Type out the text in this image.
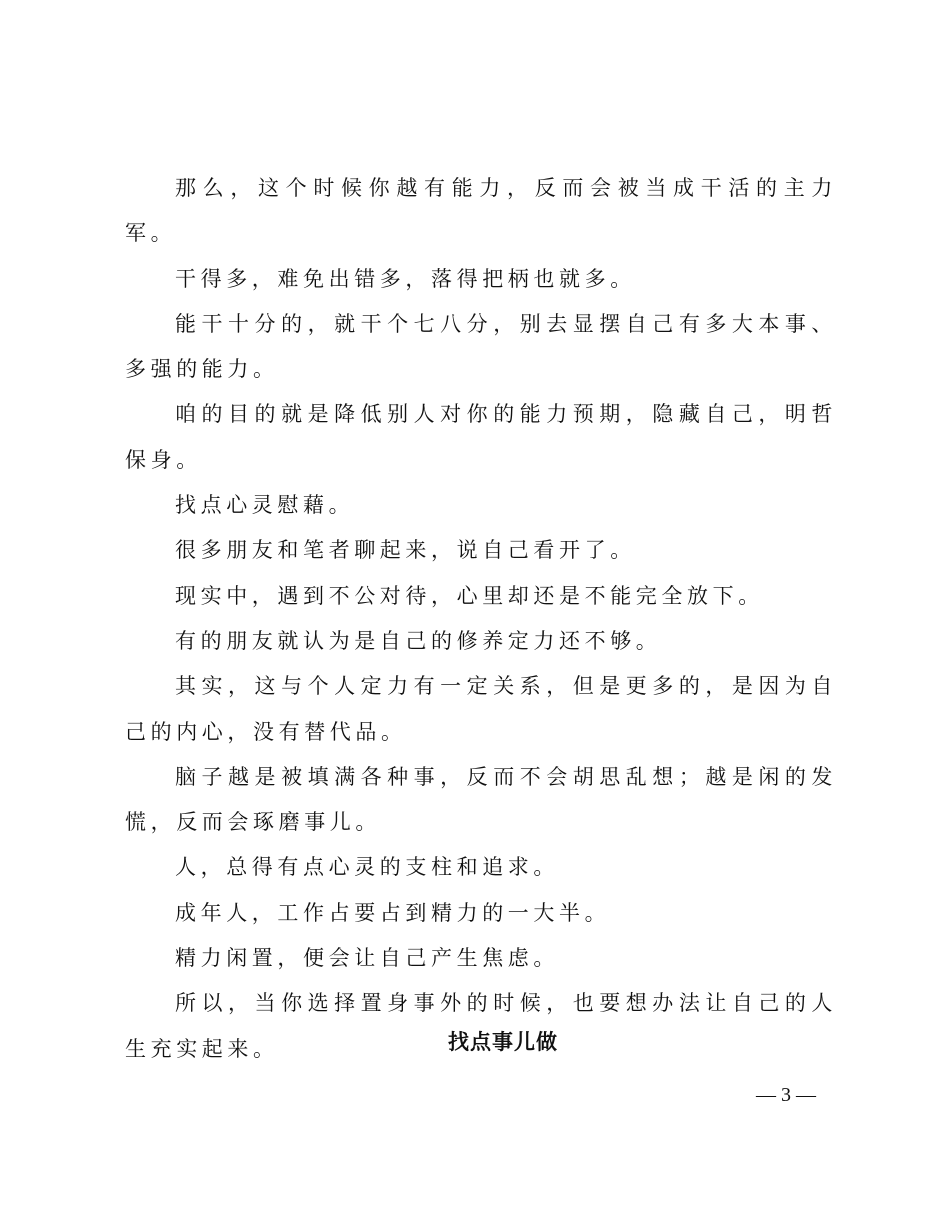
那么，这个时候你越有能力，反而会被当成干活的主力军。

干得多，难免出错多，落得把柄也就多。

能干十分的，就干个七八分，别去显摆自己有多大本事、多强的能力。

咱的目的就是降低别人对你的能力预期，隐藏自己，明哲保身。

找点心灵慰藉。

很多朋友和笔者聊起来，说自己看开了。

现实中，遇到不公对待，心里却还是不能完全放下。

有的朋友就认为是自己的修养定力还不够。

其实，这与个人定力有一定关系，但是更多的，是因为自己的内心，没有替代品。

脑子越是被填满各种事，反而不会胡思乱想；越是闲的发慌，反而会琢磨事儿。

人，总得有点心灵的支柱和追求。

成年人，工作占要占到精力的一大半。

精力闲置，便会让自己产生焦虑。

所以，当你选择置身事外的时候，也要想办法让自己的人生充实起来。	找点事儿做
— 3 —
